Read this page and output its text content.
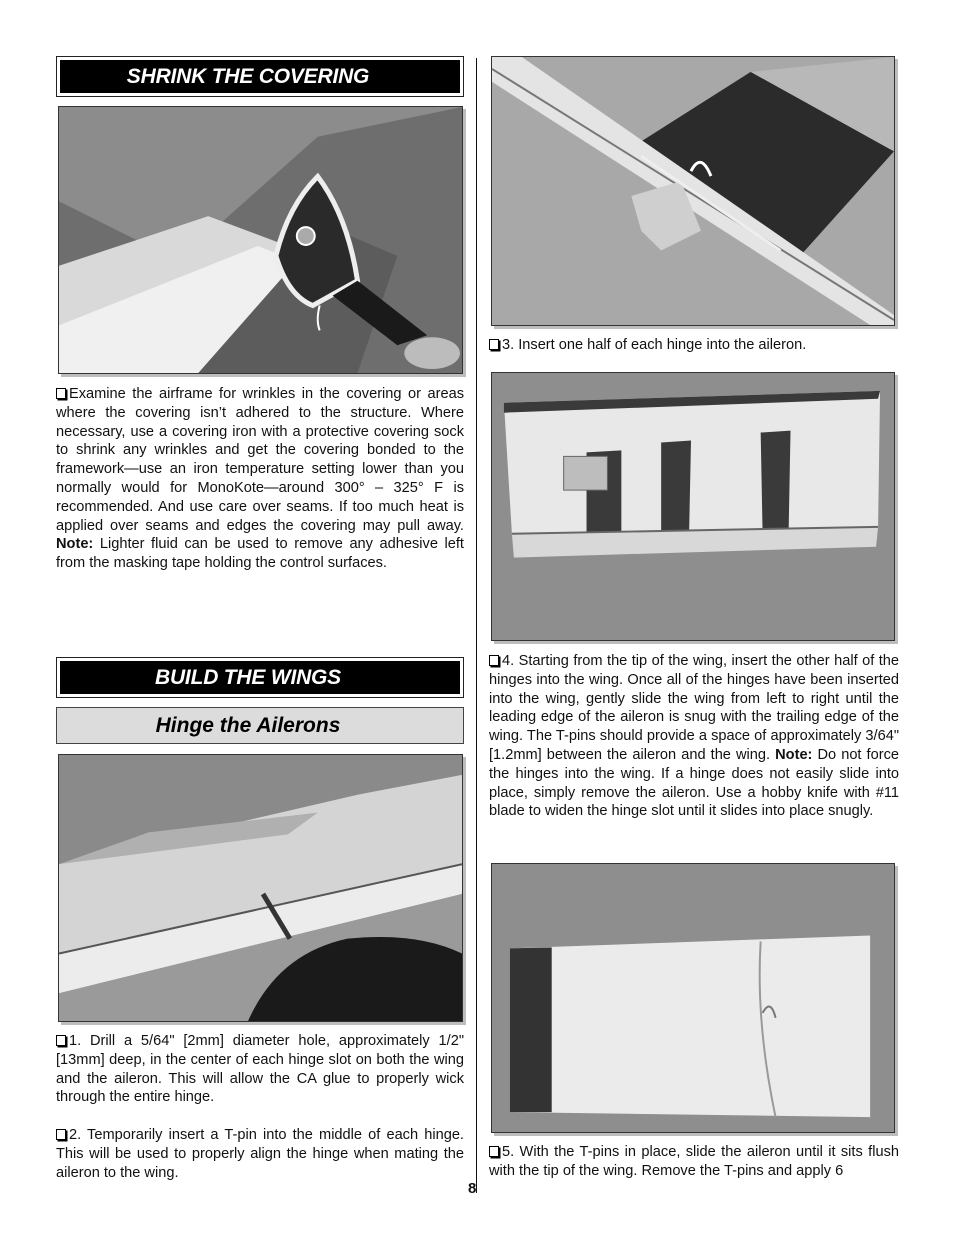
SHRINK THE COVERING

Examine the airframe for wrinkles in the covering or areas where the covering isn’t adhered to the structure. Where necessary, use a covering iron with a protective covering sock to shrink any wrinkles and get the covering bonded to the framework—use an iron temperature setting lower than you normally would for MonoKote—around 300° – 325° F is recommended. And use care over seams. If too much heat is applied over seams and edges the covering may pull away. Note: Lighter fluid can be used to remove any adhesive left from the masking tape holding the control surfaces.

BUILD THE WINGS
Hinge the Ailerons

1. Drill a 5/64" [2mm] diameter hole, approximately 1/2" [13mm] deep, in the center of each hinge slot on both the wing and the aileron. This will allow the CA glue to properly wick through the entire hinge.

2. Temporarily insert a T-pin into the middle of each hinge. This will be used to properly align the hinge when mating the aileron to the wing.

3. Insert one half of each hinge into the aileron.

4. Starting from the tip of the wing, insert the other half of the hinges into the wing. Once all of the hinges have been inserted into the wing, gently slide the wing from left to right until the leading edge of the aileron is snug with the trailing edge of the wing. The T-pins should provide a space of approximately 3/64" [1.2mm] between the aileron and the wing. Note: Do not force the hinges into the wing. If a hinge does not easily slide into place, simply remove the aileron. Use a hobby knife with #11 blade to widen the hinge slot until it slides into place snugly.

5. With the T-pins in place, slide the aileron until it sits flush with the tip of the wing. Remove the T-pins and apply 6

8
